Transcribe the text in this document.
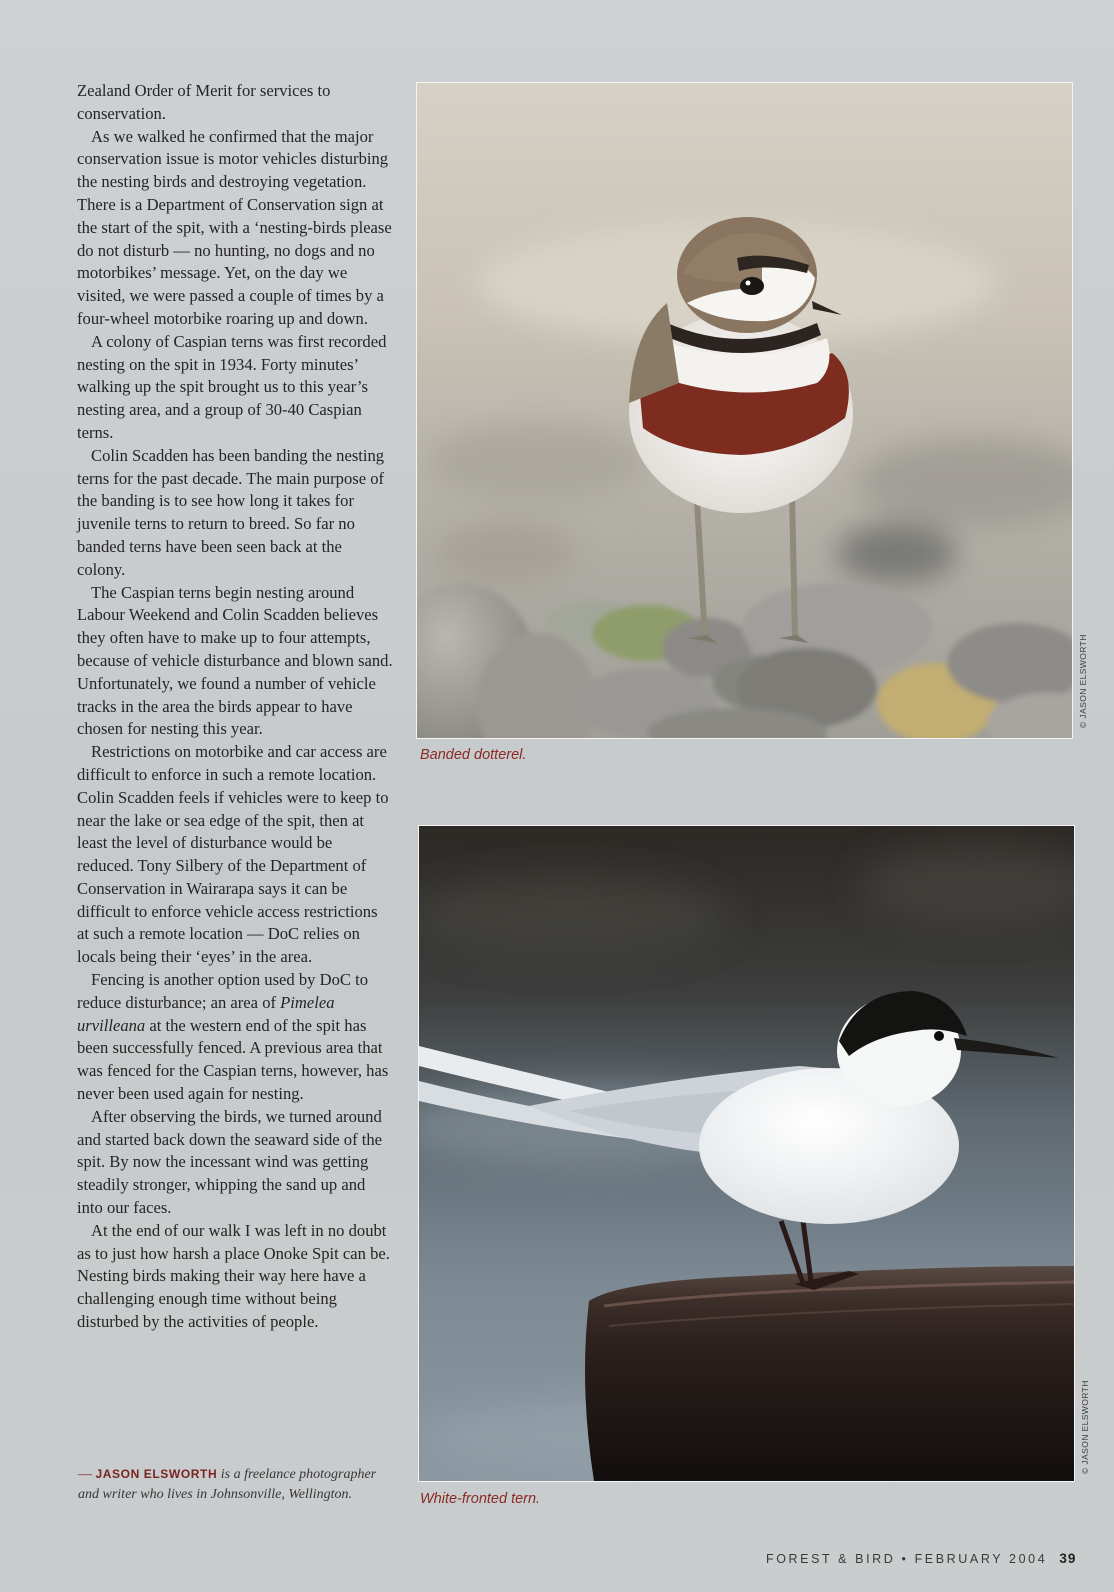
Zealand Order of Merit for services to conservation.

As we walked he confirmed that the major conservation issue is motor vehicles disturbing the nesting birds and destroying vegetation. There is a Department of Conservation sign at the start of the spit, with a ‘nesting-birds please do not disturb — no hunting, no dogs and no motorbikes’ message. Yet, on the day we visited, we were passed a couple of times by a four-wheel motorbike roaring up and down.

A colony of Caspian terns was first recorded nesting on the spit in 1934. Forty minutes’ walking up the spit brought us to this year’s nesting area, and a group of 30-40 Caspian terns.

Colin Scadden has been banding the nesting terns for the past decade. The main purpose of the banding is to see how long it takes for juvenile terns to return to breed. So far no banded terns have been seen back at the colony.

The Caspian terns begin nesting around Labour Weekend and Colin Scadden believes they often have to make up to four attempts, because of vehicle disturbance and blown sand. Unfortunately, we found a number of vehicle tracks in the area the birds appear to have chosen for nesting this year.

Restrictions on motorbike and car access are difficult to enforce in such a remote location. Colin Scadden feels if vehicles were to keep to near the lake or sea edge of the spit, then at least the level of disturbance would be reduced. Tony Silbery of the Department of Conservation in Wairarapa says it can be difficult to enforce vehicle access restrictions at such a remote location — DoC relies on locals being their ‘eyes’ in the area.

Fencing is another option used by DoC to reduce disturbance; an area of Pimelea urvilleana at the western end of the spit has been successfully fenced. A previous area that was fenced for the Caspian terns, however, has never been used again for nesting.

After observing the birds, we turned around and started back down the seaward side of the spit. By now the incessant wind was getting steadily stronger, whipping the sand up and into our faces.

At the end of our walk I was left in no doubt as to just how harsh a place Onoke Spit can be. Nesting birds making their way here have a challenging enough time without being disturbed by the activities of people.

— JASON ELSWORTH is a freelance photographer and writer who lives in Johnsonville, Wellington.
Banded dotterel.
© JASON ELSWORTH
White-fronted tern.
© JASON ELSWORTH
FOREST & BIRD • FEBRUARY 2004 39
